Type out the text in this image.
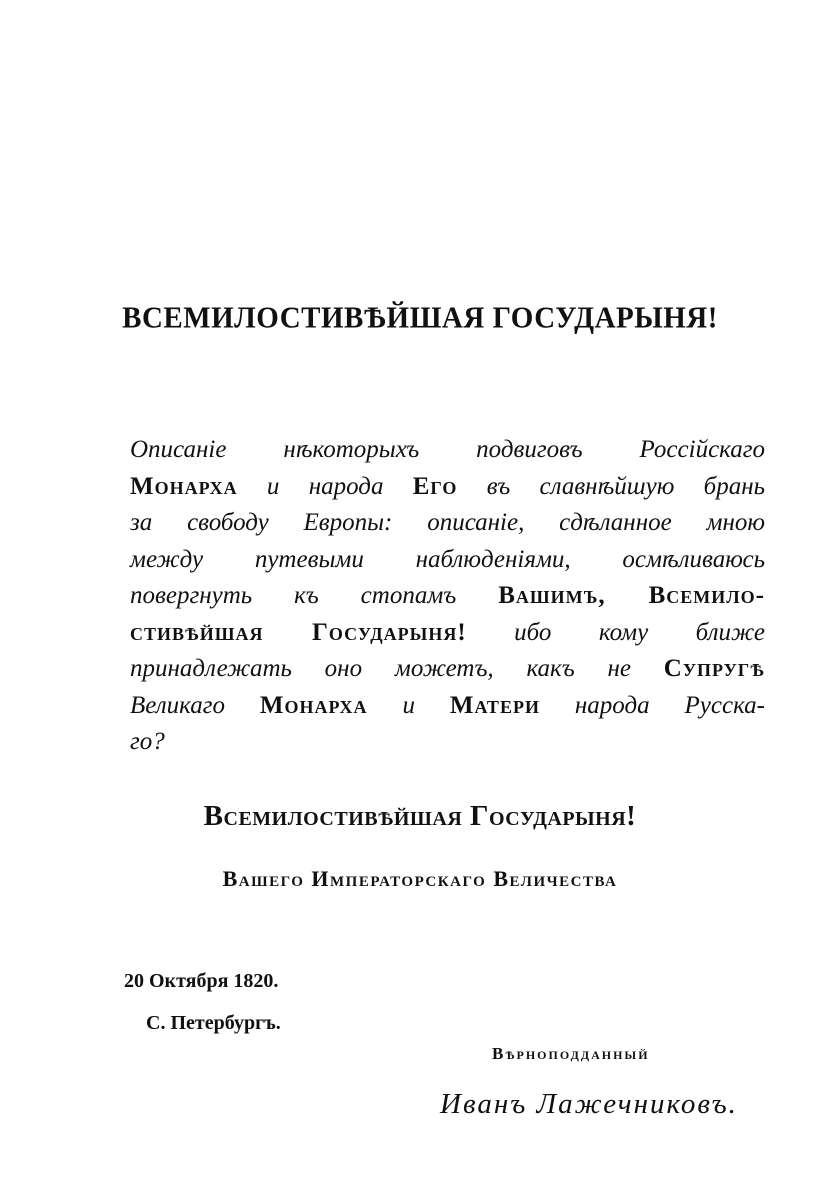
ВСЕМИЛОСТИВѢЙШАЯ ГОСУДАРЫНЯ!
Описаніе нѣкоторыхъ подвиговъ Россійскаго
Монарха и народа Его въ славнѣйшую брань
за свободу Европы: описаніе, сдѣланное мною
между путевыми наблюденіями, осмѣливаюсь
повергнуть къ стопамъ Вашимъ, Всемило-
стивѣйшая Государыня! ибо кому ближе
принадлежать оно можетъ, какъ не Супругѣ
Великаго Монарха и Матери народа Русска-
го?
Всемилостивѣйшая Государыня!
Вашего Императорскаго Величества
20 Октября 1820.
С. Петербургъ.
Вѣрноподданный
Иванъ Лажечниковъ.
